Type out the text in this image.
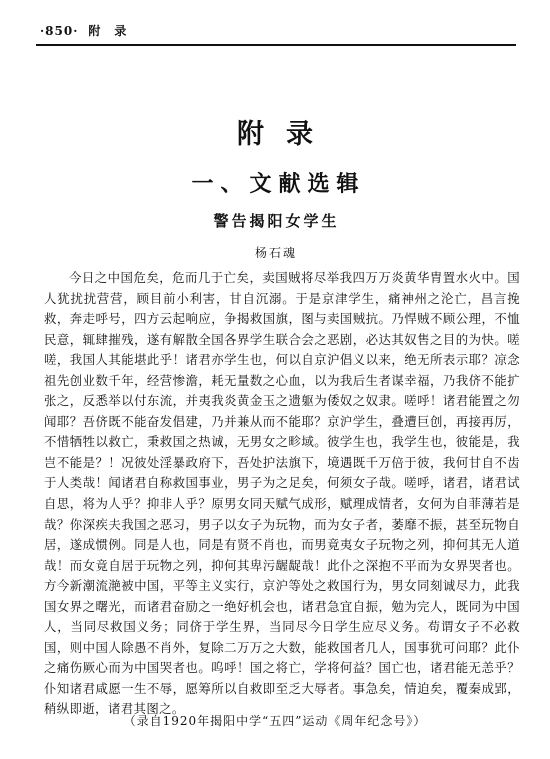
·850· 附　录
附录
一、文献选辑
警告揭阳女学生
杨石魂

今日之中国危矣，危而几于亡矣，卖国贼将尽举我四万万炎黄华胄置水火中。国人犹扰扰营营，顾目前小利害，甘自沉溺。于是京津学生，痛神州之沦亡，昌言挽救，奔走呼号，四方云起响应，争揭救国旗，图与卖国贼抗。乃悍贼不顾公理，不恤民意，辄肆摧残，遂有解散全国各界学生联合会之恶剧，必达其奴售之目的为快。嗟嗟，我国人其能堪此乎！诸君亦学生也，何以自京沪倡义以来，绝无所表示耶？凉念祖先创业数千年，经营惨澹，耗无量数之心血，以为我后生者谋幸福，乃我侪不能扩张之，反悉举以付东流，并夷我炎黄金玉之遗躯为倭奴之奴隶。嗟呼！诸君能置之勿闻耶？吾侪既不能奋发倡建，乃并兼从而不能耶？京沪学生，叠遭巨创，再接再厉，不惜牺牲以救亡，秉救国之热诚，无男女之畛域。彼学生也，我学生也，彼能是，我岂不能是？！况彼处淫暴政府下，吾处护法旗下，境遇既千万倍于彼，我何甘自不齿于人类哉！闻诸君自称救国事业，男子为之足矣，何须女子哉。嗟呼，诸君，诸君试自思，将为人乎？抑非人乎？原男女同天赋气成形，赋理成情者，女何为自菲薄若是哉？你深疾夫我国之恶习，男子以女子为玩物，而为女子者，萎靡不振，甚至玩物自居，遂成惯例。同是人也，同是有贤不肖也，而男竟夷女子玩物之列，抑何其无人道哉！而女竟自居于玩物之列，抑何其卑污龌龊哉！此仆之深抱不平而为女界哭者也。方今新潮流滟被中国，平等主义实行，京沪等处之救国行为，男女同刻诚尽力，此我国女界之曙光，而诸君奋励之一绝好机会也，诸君急宜自振，勉为完人，既同为中国人，当同尽救国义务；同侪于学生界，当同尽今日学生应尽义务。苟谓女子不必救国，则中国人除愚不肖外，复除二万万之大数，能救国者几人，国事犹可问耶？此仆之痛伤厥心而为中国哭者也。呜呼！国之将亡，学将何益？国亡也，诸君能无恙乎？仆知诸君咸愿一生不辱，愿筹所以自救即至乏大辱者。事急矣，情迫矣，覆秦成郢，稍纵即逝，诸君其图之。

（录自1920年揭阳中学“五四”运动《周年纪念号》）
